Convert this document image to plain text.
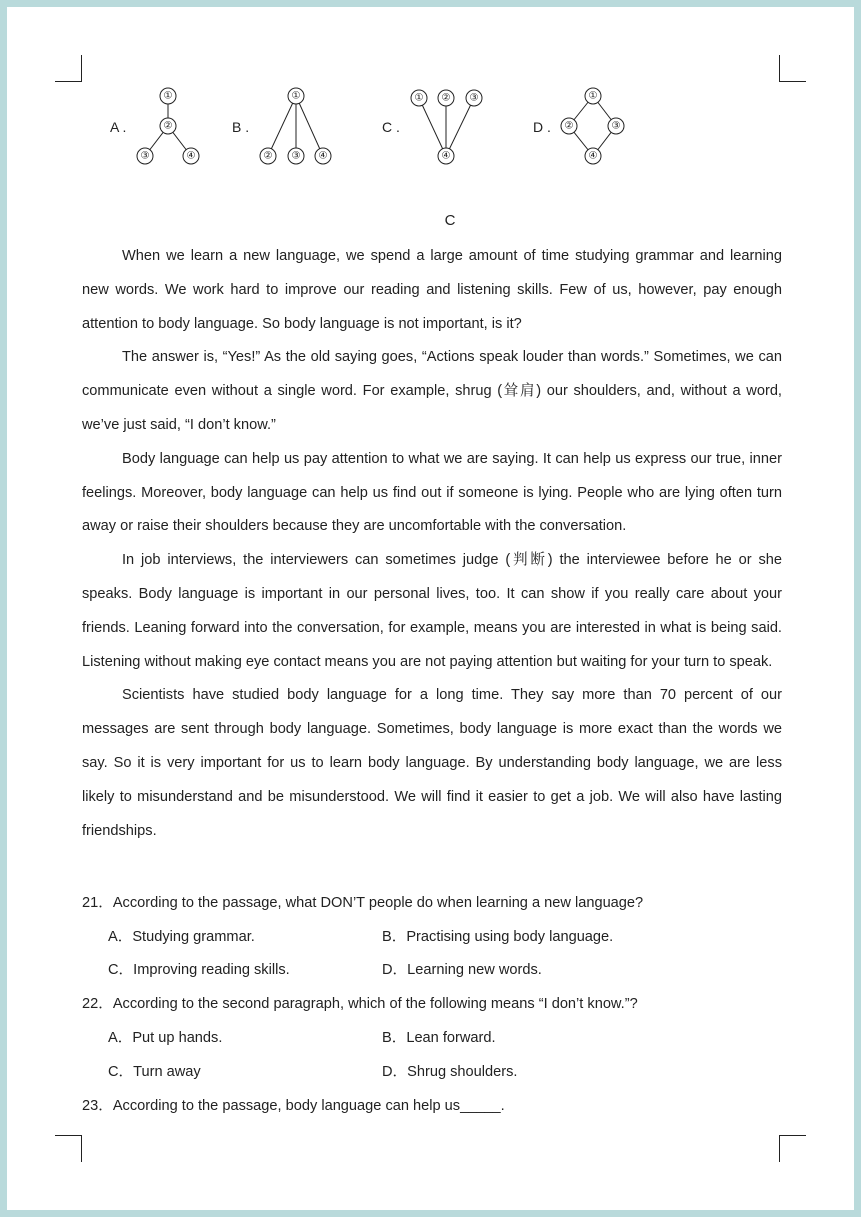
A .
①
②
③	④
B .
①
② ③ ④
C .
① ② ③
④
D .
①
②	③
④
C

When we learn a new language, we spend a large amount of time studying grammar and learning new words. We work hard to improve our reading and listening skills. Few of us, however, pay enough attention to body language. So body language is not important, is it?

The answer is, “Yes!” As the old saying goes, “Actions speak louder than words.” Sometimes, we can communicate even without a single word. For example, shrug (耸肩) our shoulders, and, without a word, we’ve just said, “I don’t know.”

Body language can help us pay attention to what we are saying. It can help us express our true, inner feelings. Moreover, body language can help us find out if someone is lying. People who are lying often turn away or raise their shoulders because they are uncomfortable with the conversation.

In job interviews, the interviewers can sometimes judge (判断) the interviewee before he or she speaks. Body language is important in our personal lives, too. It can show if you really care about your friends. Leaning forward into the conversation, for example, means you are interested in what is being said. Listening without making eye contact means you are not paying attention but waiting for your turn to speak.

Scientists have studied body language for a long time. They say more than 70 percent of our messages are sent through body language. Sometimes, body language is more exact than the words we say. So it is very important for us to learn body language. By understanding body language, we are less likely to misunderstand and be misunderstood. We will find it easier to get a job. We will also have lasting friendships.

21．According to the passage, what DON’T people do when learning a new language?
A．Studying grammar.	B．Practising using body language.
C．Improving reading skills.	D．Learning new words.
22．According to the second paragraph, which of the following means “I don’t know.”?
A．Put up hands.	B．Lean forward.
C．Turn away	D．Shrug shoulders.
23．According to the passage, body language can help us_____.
